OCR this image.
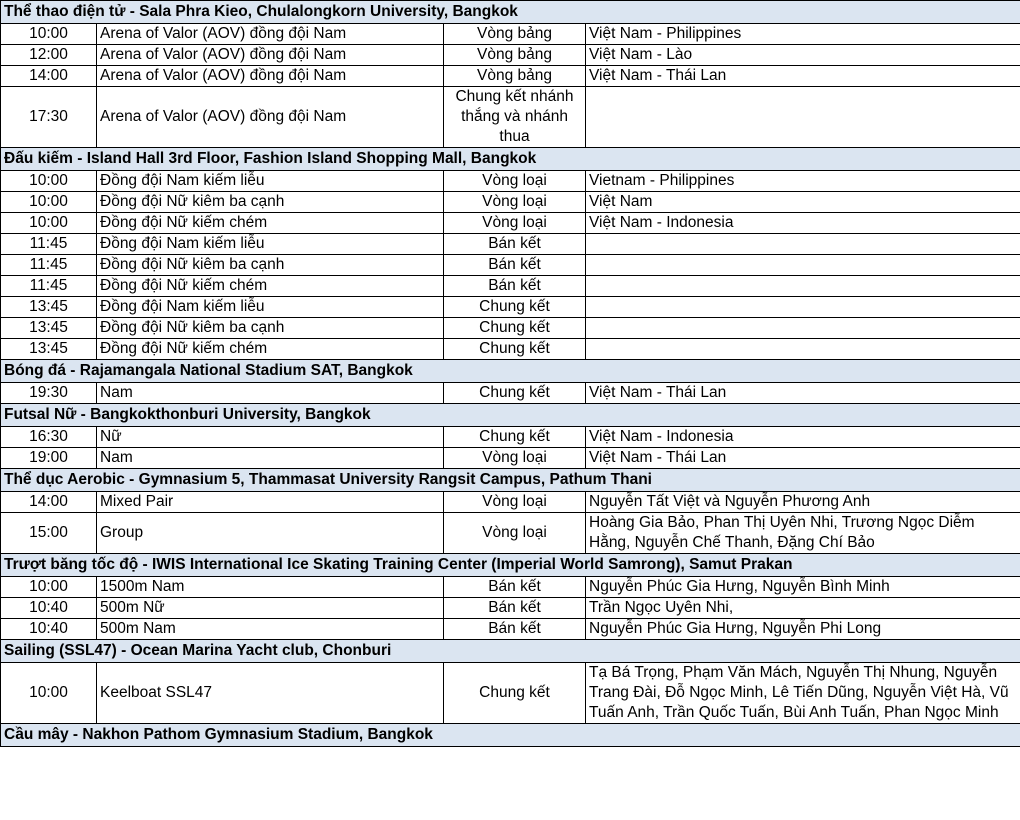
Thể thao điện tử - Sala Phra Kieo, Chulalongkorn University, Bangkok			
10:00	Arena of Valor (AOV) đồng đội Nam	Vòng bảng	Việt Nam - Philippines
12:00	Arena of Valor (AOV) đồng đội Nam	Vòng bảng	Việt Nam - Lào
14:00	Arena of Valor (AOV) đồng đội Nam	Vòng bảng	Việt Nam - Thái Lan
17:30	Arena of Valor (AOV) đồng đội Nam	Chung kết nhánh thắng và nhánh thua	
Đấu kiếm - Island Hall 3rd Floor, Fashion Island Shopping Mall, Bangkok			
10:00	Đồng đội Nam kiếm liễu	Vòng loại	Vietnam - Philippines
10:00	Đồng đội Nữ kiêm ba cạnh	Vòng loại	Việt Nam
10:00	Đồng đội Nữ kiếm chém	Vòng loại	Việt Nam - Indonesia
11:45	Đồng đội Nam kiếm liễu	Bán kết	
11:45	Đồng đội Nữ kiêm ba cạnh	Bán kết	
11:45	Đồng đội Nữ kiếm chém	Bán kết	
13:45	Đồng đội Nam kiếm liễu	Chung kết	
13:45	Đồng đội Nữ kiêm ba cạnh	Chung kết	
13:45	Đồng đội Nữ kiếm chém	Chung kết	
Bóng đá - Rajamangala National Stadium SAT, Bangkok			
19:30	Nam	Chung kết	Việt Nam - Thái Lan
Futsal Nữ - Bangkokthonburi University, Bangkok			
16:30	Nữ	Chung kết	Việt Nam - Indonesia
19:00	Nam	Vòng loại	Việt Nam - Thái Lan
Thể dục Aerobic - Gymnasium 5, Thammasat University Rangsit Campus, Pathum Thani			
14:00	Mixed Pair	Vòng loại	Nguyễn Tất Việt và Nguyễn Phương Anh
15:00	Group	Vòng loại	Hoàng Gia Bảo, Phan Thị Uyên Nhi, Trương Ngọc Diễm Hằng, Nguyễn Chế Thanh, Đặng Chí Bảo
Trượt băng tốc độ - IWIS International Ice Skating Training Center (Imperial World Samrong), Samut Prakan			
10:00	1500m Nam	Bán kết	Nguyễn Phúc Gia Hưng, Nguyễn Bình Minh
10:40	500m Nữ	Bán kết	Trần Ngọc Uyên Nhi,
10:40	500m Nam	Bán kết	Nguyễn Phúc Gia Hưng, Nguyễn Phi Long
Sailing (SSL47) - Ocean Marina Yacht club, Chonburi			
10:00	Keelboat SSL47	Chung kết	Tạ Bá Trọng, Phạm Văn Mách, Nguyễn Thị Nhung, Nguyễn Trang Đài, Đỗ Ngọc Minh, Lê Tiến Dũng, Nguyễn Việt Hà, Vũ Tuấn Anh, Trần Quốc Tuấn, Bùi Anh Tuấn, Phan Ngọc Minh
Cầu mây - Nakhon Pathom Gymnasium Stadium, Bangkok			
